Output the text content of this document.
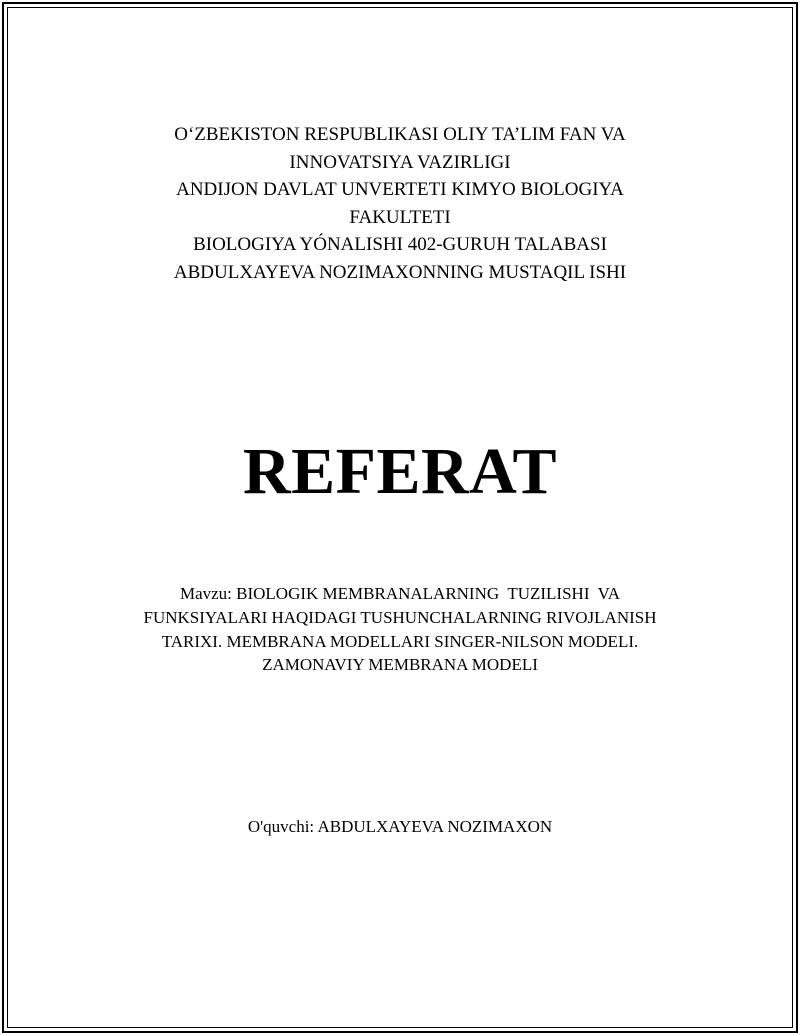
O‘ZBEKISTON RESPUBLIKASI OLIY TA’LIM FAN VA
INNOVATSIYA VAZIRLIGI
ANDIJON DAVLAT UNVERTETI KIMYO BIOLOGIYA
FAKULTETI
BIOLOGIYA YÓNALISHI 402-GURUH TALABASI
ABDULXAYEVA NOZIMAXONNING MUSTAQIL ISHI
REFERAT
Mavzu: BIOLOGIK MEMBRANALARNING  TUZILISHI  VA
FUNKSIYALARI HAQIDAGI TUSHUNCHALARNING RIVOJLANISH
TARIXI. MEMBRANA MODELLARI SINGER-NILSON MODELI.
ZAMONAVIY MEMBRANA MODELI
O'quvchi: ABDULXAYEVA NOZIMAXON
